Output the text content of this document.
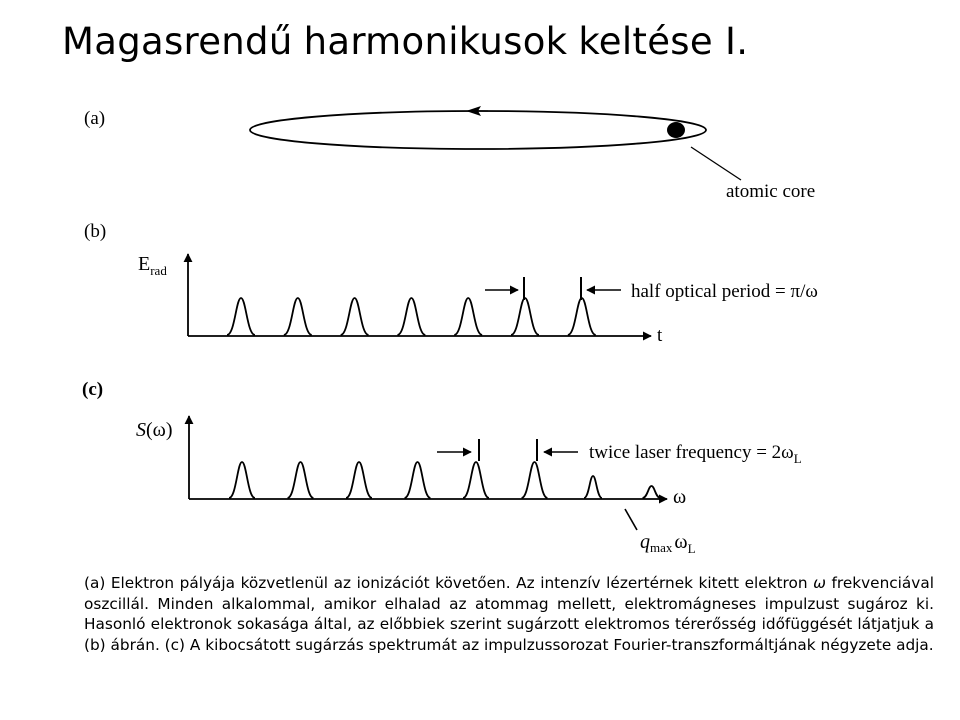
Magasrendű harmonikusok keltése I.
(a)
atomic core
(b)
$E_{rad}$
t
half optical period = π/ω
(c)
S(ω)
ω
twice laser frequency = $2\omega_L$
$q_{max}$ $\omega_L$

(a) Elektron pályája közvetlenül az ionizációt követően. Az intenzív lézertérnek kitett elektron ω frekvenciával oszcillál. Minden alkalommal, amikor elhalad az atommag mellett, elektromágneses impulzust sugároz ki. Hasonló elektronok sokasága által, az előbbiek szerint sugárzott elektromos térerősség időfüggését látjatjuk a (b) ábrán. (c) A kibocsátott sugárzás spektrumát az impulzussorozat Fourier-transzformáltjának négyzete adja.
